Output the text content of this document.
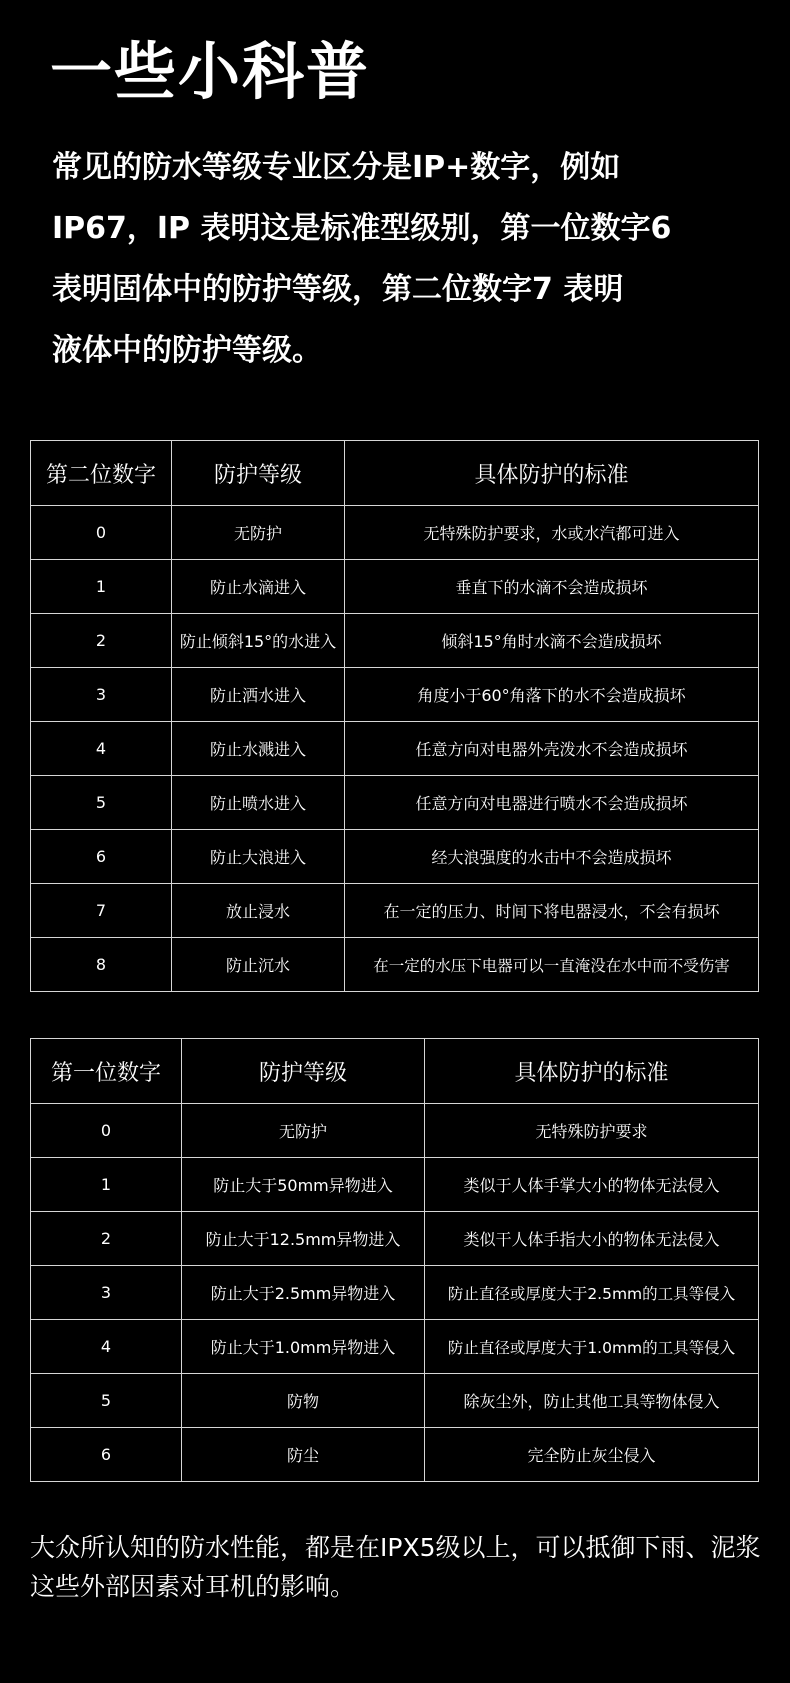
一些小科普
常见的防水等级专业区分是IP+数字，例如
IP67，IP 表明这是标准型级别，第一位数字6
表明固体中的防护等级，第二位数字7 表明
液体中的防护等级。
第二位数字	防护等级	具体防护的标准
0	无防护	无特殊防护要求，水或水汽都可进入
1	防止水滴进入	垂直下的水滴不会造成损坏
2	防止倾斜15°的水进入	倾斜15°角时水滴不会造成损坏
3	防止洒水进入	角度小于60°角落下的水不会造成损坏
4	防止水溅进入	任意方向对电器外壳泼水不会造成损坏
5	防止喷水进入	任意方向对电器进行喷水不会造成损坏
6	防止大浪进入	经大浪强度的水击中不会造成损坏
7	放止浸水	在一定的压力、时间下将电器浸水，不会有损坏
8	防止沉水	在一定的水压下电器可以一直淹没在水中而不受伤害
第一位数字	防护等级	具体防护的标准
0	无防护	无特殊防护要求
1	防止大于50mm异物进入	类似于人体手掌大小的物体无法侵入
2	防止大于12.5mm异物进入	类似干人体手指大小的物体无法侵入
3	防止大于2.5mm异物进入	防止直径或厚度大于2.5mm的工具等侵入
4	防止大于1.0mm异物进入	防止直径或厚度大于1.0mm的工具等侵入
5	防物	除灰尘外，防止其他工具等物体侵入
6	防尘	完全防止灰尘侵入
大众所认知的防水性能，都是在IPX5级以上，可以抵御下雨、泥浆
这些外部因素对耳机的影响。
